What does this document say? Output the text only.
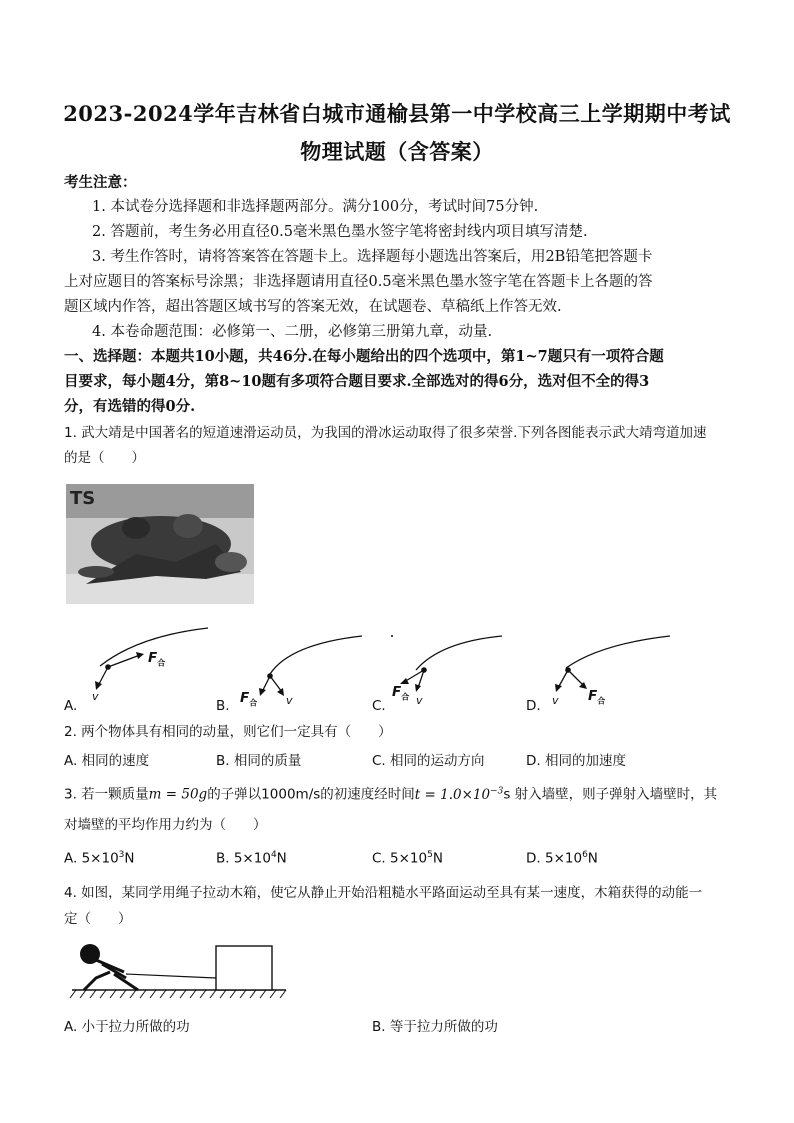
2023-2024学年吉林省白城市通榆县第一中学校高三上学期期中考试
物理试题（含答案）
考生注意：
1. 本试卷分选择题和非选择题两部分。满分100分，考试时间75分钟.
2. 答题前，考生务必用直径0.5毫米黑色墨水签字笔将密封线内项目填写清楚.
3. 考生作答时，请将答案答在答题卡上。选择题每小题选出答案后，用2B铅笔把答题卡
上对应题目的答案标号涂黑；非选择题请用直径0.5毫米黑色墨水签字笔在答题卡上各题的答
题区域内作答，超出答题区域书写的答案无效，在试题卷、草稿纸上作答无效.
4. 本卷命题范围：必修第一、二册，必修第三册第九章，动量.
一、选择题：本题共10小题，共46分.在每小题给出的四个选项中，第1~7题只有一项符合题
目要求，每小题4分，第8~10题有多项符合题目要求.全部选对的得6分，选对但不全的得3
分，有选错的得0分.
1. 武大靖是中国著名的短道速滑运动员，为我国的滑冰运动取得了很多荣誉.下列各图能表示武大靖弯道加速
的是（　　）
TS
$F_合$
v
A.	$F_合$	v
B.
$F_合$ v
C.
$F_合$
v
D.
2. 两个物体具有相同的动量，则它们一定具有（　　）
A. 相同的速度	B. 相同的质量	C. 相同的运动方向	D. 相同的加速度
3. 若一颗质量m = 50g的子弹以1000m/s的初速度经时间$t = 1.0\times 10^{-3}s$ 射入墙壁，则子弹射入墙壁时，其
对墙壁的平均作用力约为（　　）
A. $5\times 10^3N$	B. $5\times 10^4N$	C. $5\times 10^5N$	D. $5\times 10^6N$
4. 如图，某同学用绳子拉动木箱，使它从静止开始沿粗糙水平路面运动至具有某一速度，木箱获得的动能一
定（　　）
A. 小于拉力所做的功	B. 等于拉力所做的功
